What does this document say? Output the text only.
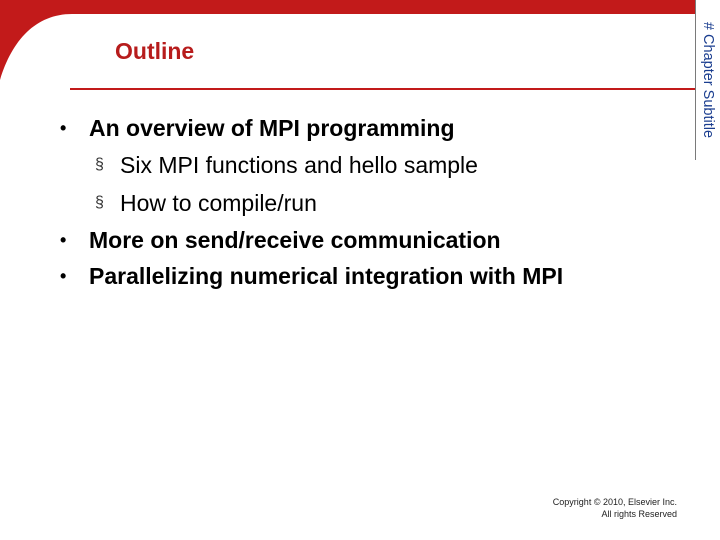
Outline	# Chapter Subtitle
• An overview of MPI programming
§ Six MPI functions and hello sample
§ How to compile/run
• More on send/receive communication
• Parallelizing numerical integration with MPI
Copyright © 2010, Elsevier Inc.
All rights Reserved
